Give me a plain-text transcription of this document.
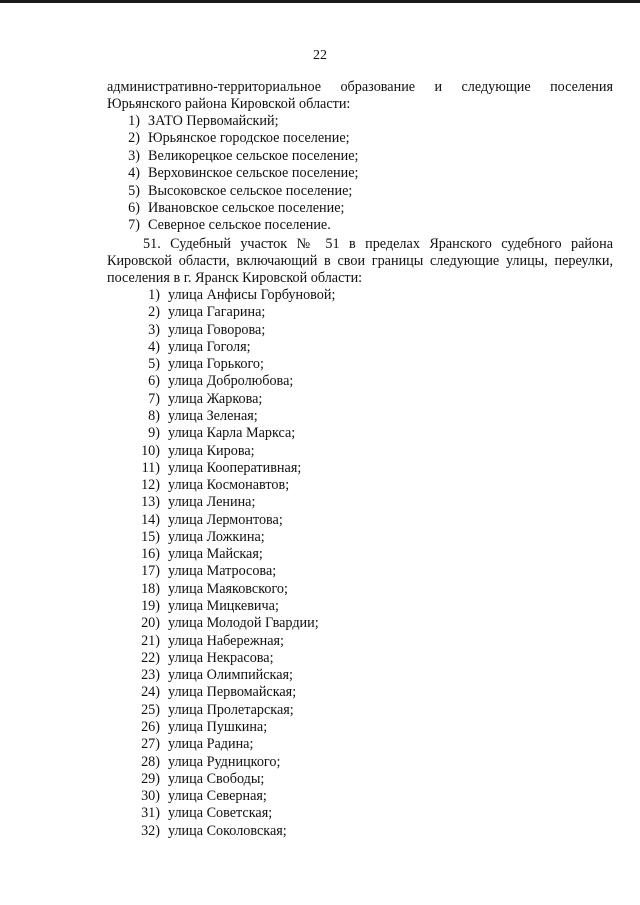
22

административно-территориальное образование и следующие поселения Юрьянского района Кировской области:

1) ЗАТО Первомайский;
2) Юрьянское городское поселение;
3) Великорецкое сельское поселение;
4) Верховинское сельское поселение;
5) Высоковское сельское поселение;
6) Ивановское сельское поселение;
7) Северное сельское поселение.

51. Судебный участок № 51 в пределах Яранского судебного района Кировской области, включающий в свои границы следующие улицы, переулки, поселения в г. Яранск Кировской области:

1) улица Анфисы Горбуновой;
2) улица Гагарина;
3) улица Говорова;
4) улица Гоголя;
5) улица Горького;
6) улица Добролюбова;
7) улица Жаркова;
8) улица Зеленая;
9) улица Карла Маркса;
10) улица Кирова;
11) улица Кооперативная;
12) улица Космонавтов;
13) улица Ленина;
14) улица Лермонтова;
15) улица Ложкина;
16) улица Майская;
17) улица Матросова;
18) улица Маяковского;
19) улица Мицкевича;
20) улица Молодой Гвардии;
21) улица Набережная;
22) улица Некрасова;
23) улица Олимпийская;
24) улица Первомайская;
25) улица Пролетарская;
26) улица Пушкина;
27) улица Радина;
28) улица Рудницкого;
29) улица Свободы;
30) улица Северная;
31) улица Советская;
32) улица Соколовская;
